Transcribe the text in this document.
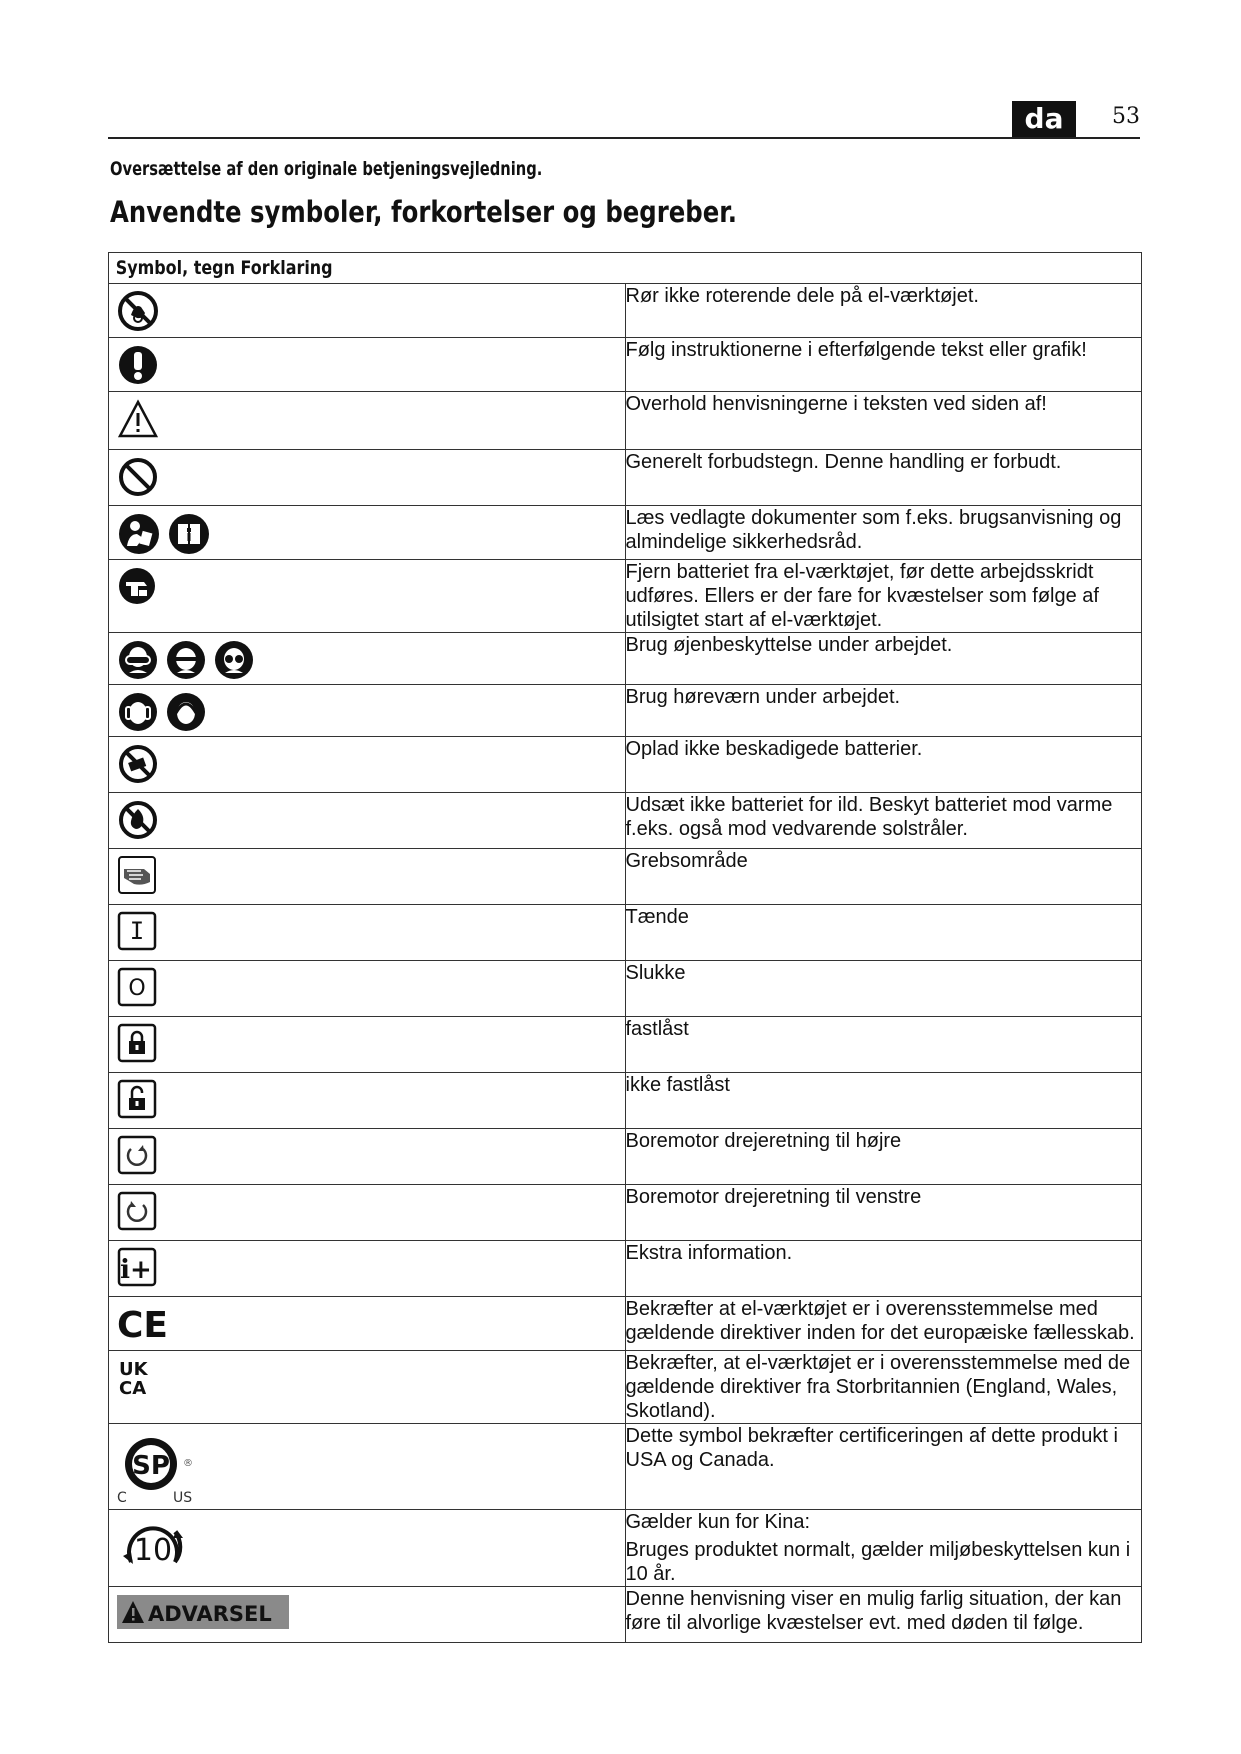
da	53
Oversættelse af den originale betjeningsvejledning.
Anvendte symboler, forkortelser og begreber.
Symbol, tegn Forklaring	

	Rør ikke roterende dele på el-værktøjet.

	Følg instruktionerne i efterfølgende tekst eller grafik!

	Overhold henvisningerne i teksten ved siden af!

	Generelt forbudstegn. Denne handling er forbudt.

	Læs vedlagte dokumenter som f.eks. brugsanvisning og almindelige sikkerhedsråd.

	Fjern batteriet fra el-værktøjet, før dette arbejdsskridt udføres. Ellers er der fare for kvæstelser som følge af utilsigtet start af el-værktøjet.

	Brug øjenbeskyttelse under arbejdet.

	Brug høreværn under arbejdet.

	Oplad ikke beskadigede batterier.

	Udsæt ikke batteriet for ild. Beskyt batteriet mod varme f.eks. også mod vedvarende solstråler.

	Grebsområde

I	Tænde

O	Slukke

	fastlåst

	ikke fastlåst

	Boremotor drejeretning til højre

	Boremotor drejeretning til venstre

i+	Ekstra information.

CE	Bekræfter at el-værktøjet er i overensstemmelse med gældende direktiver inden for det europæiske fællesskab.

UK
CA	Bekræfter, at el-værktøjet er i overensstemmelse med de gældende direktiver fra Storbritannien (England, Wales, Skotland).

SP ®
C US	Dette symbol bekræfter certificeringen af dette produkt i USA og Canada.

10	Gælder kun for Kina:
Bruges produktet normalt, gælder miljøbeskyttelsen kun i 10 år.

ADVARSEL	Denne henvisning viser en mulig farlig situation, der kan føre til alvorlige kvæstelser evt. med døden til følge.
